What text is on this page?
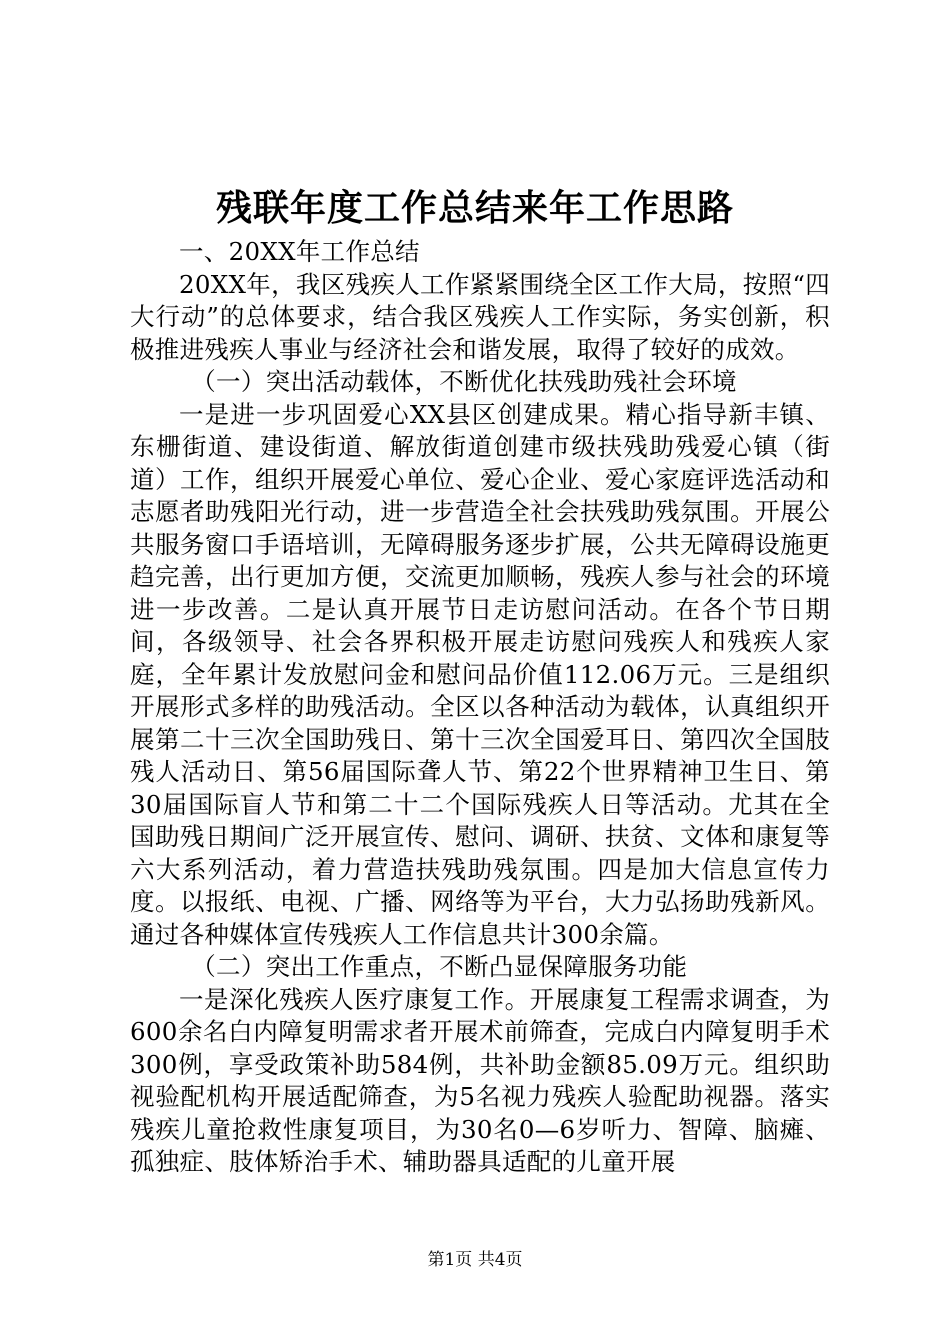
残联年度工作总结来年工作思路

一、20XX年工作总结

20XX年，我区残疾人工作紧紧围绕全区工作大局，按照“四大行动”的总体要求，结合我区残疾人工作实际，务实创新，积极推进残疾人事业与经济社会和谐发展，取得了较好的成效。

（一）突出活动载体，不断优化扶残助残社会环境

一是进一步巩固爱心XX县区创建成果。精心指导新丰镇、东栅街道、建设街道、解放街道创建市级扶残助残爱心镇（街道）工作，组织开展爱心单位、爱心企业、爱心家庭评选活动和志愿者助残阳光行动，进一步营造全社会扶残助残氛围。开展公共服务窗口手语培训，无障碍服务逐步扩展，公共无障碍设施更趋完善，出行更加方便，交流更加顺畅，残疾人参与社会的环境进一步改善。二是认真开展节日走访慰问活动。在各个节日期间，各级领导、社会各界积极开展走访慰问残疾人和残疾人家庭，全年累计发放慰问金和慰问品价值112.06万元。三是组织开展形式多样的助残活动。全区以各种活动为载体，认真组织开展第二十三次全国助残日、第十三次全国爱耳日、第四次全国肢残人活动日、第56届国际聋人节、第22个世界精神卫生日、第30届国际盲人节和第二十二个国际残疾人日等活动。尤其在全国助残日期间广泛开展宣传、慰问、调研、扶贫、文体和康复等六大系列活动，着力营造扶残助残氛围。四是加大信息宣传力度。以报纸、电视、广播、网络等为平台，大力弘扬助残新风。通过各种媒体宣传残疾人工作信息共计300余篇。

（二）突出工作重点，不断凸显保障服务功能

一是深化残疾人医疗康复工作。开展康复工程需求调查，为600余名白内障复明需求者开展术前筛查，完成白内障复明手术300例，享受政策补助584例，共补助金额85.09万元。组织助视验配机构开展适配筛查，为5名视力残疾人验配助视器。落实残疾儿童抢救性康复项目，为30名0—6岁听力、智障、脑瘫、孤独症、肢体矫治手术、辅助器具适配的儿童开展

第1页 共4页
